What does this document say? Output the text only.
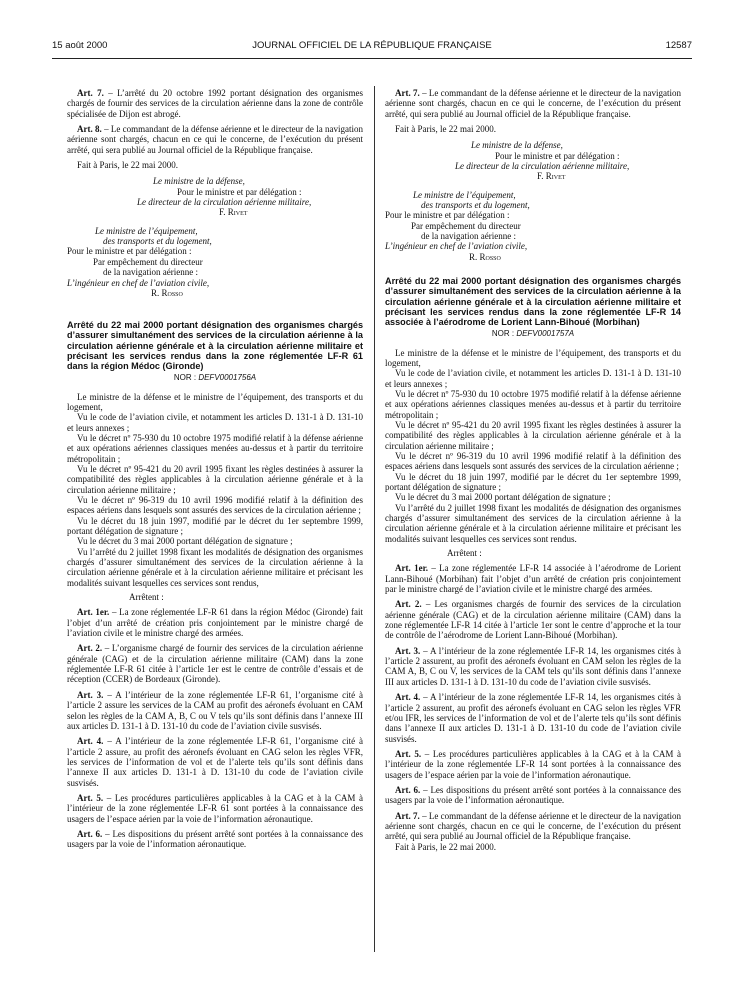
15 août 2000	JOURNAL OFFICIEL DE LA RÉPUBLIQUE FRANÇAISE	12587

Art. 7. – L’arrêté du 20 octobre 1992 portant désignation des organismes chargés de fournir des services de la circulation aérienne dans la zone de contrôle spécialisée de Dijon est abrogé.

Art. 8. – Le commandant de la défense aérienne et le directeur de la navigation aérienne sont chargés, chacun en ce qui le concerne, de l’exécution du présent arrêté, qui sera publié au Journal officiel de la République française.

Fait à Paris, le 22 mai 2000.

Le ministre de la défense,
Pour le ministre et par délégation :
Le directeur de la circulation aérienne militaire,
F. Rivet
Le ministre de l’équipement,
des transports et du logement,
Pour le ministre et par délégation :
Par empêchement du directeur
de la navigation aérienne :
L’ingénieur en chef de l’aviation civile,
R. Rosso
Arrêté du 22 mai 2000 portant désignation des organismes chargés d’assurer simultanément des services de la circulation aérienne à la circulation aérienne générale et à la circulation aérienne militaire et précisant les services rendus dans la zone réglementée LF-R 61 dans la région Médoc (Gironde)
NOR : DEFV0001756A

Le ministre de la défense et le ministre de l’équipement, des transports et du logement,

Vu le code de l’aviation civile, et notamment les articles D. 131-1 à D. 131-10 et leurs annexes ;

Vu le décret nº 75-930 du 10 octobre 1975 modifié relatif à la défense aérienne et aux opérations aériennes classiques menées au-dessus et à partir du territoire métropolitain ;

Vu le décret nº 95-421 du 20 avril 1995 fixant les règles destinées à assurer la compatibilité des règles applicables à la circulation aérienne générale et à la circulation aérienne militaire ;

Vu le décret nº 96-319 du 10 avril 1996 modifié relatif à la définition des espaces aériens dans lesquels sont assurés des services de la circulation aérienne ;

Vu le décret du 18 juin 1997, modifié par le décret du 1er septembre 1999, portant délégation de signature ;

Vu le décret du 3 mai 2000 portant délégation de signature ;

Vu l’arrêté du 2 juillet 1998 fixant les modalités de désignation des organismes chargés d’assurer simultanément des services de la circulation aérienne à la circulation aérienne générale et à la circulation aérienne militaire et précisant les modalités suivant lesquelles ces services sont rendus,

Arrêtent :

Art. 1er. – La zone réglementée LF-R 61 dans la région Médoc (Gironde) fait l’objet d’un arrêté de création pris conjointement par le ministre chargé de l’aviation civile et le ministre chargé des armées.

Art. 2. – L’organisme chargé de fournir des services de la circulation aérienne générale (CAG) et de la circulation aérienne militaire (CAM) dans la zone réglementée LF-R 61 citée à l’article 1er est le centre de contrôle d’essais et de réception (CCER) de Bordeaux (Gironde).

Art. 3. – A l’intérieur de la zone réglementée LF-R 61, l’organisme cité à l’article 2 assure les services de la CAM au profit des aéronefs évoluant en CAM selon les règles de la CAM A, B, C ou V tels qu’ils sont définis dans l’annexe III aux articles D. 131-1 à D. 131-10 du code de l’aviation civile susvisés.

Art. 4. – A l’intérieur de la zone réglementée LF-R 61, l’organisme cité à l’article 2 assure, au profit des aéronefs évoluant en CAG selon les règles VFR, les services de l’information de vol et de l’alerte tels qu’ils sont définis dans l’annexe II aux articles D. 131-1 à D. 131-10 du code de l’aviation civile susvisés.

Art. 5. – Les procédures particulières applicables à la CAG et à la CAM à l’intérieur de la zone réglementée LF-R 61 sont portées à la connaissance des usagers de l’espace aérien par la voie de l’information aéronautique.

Art. 6. – Les dispositions du présent arrêté sont portées à la connaissance des usagers par la voie de l’information aéronautique.

Art. 7. – Le commandant de la défense aérienne et le directeur de la navigation aérienne sont chargés, chacun en ce qui le concerne, de l’exécution du présent arrêté, qui sera publié au Journal officiel de la République française.

Fait à Paris, le 22 mai 2000.

Le ministre de la défense,
Pour le ministre et par délégation :
Le directeur de la circulation aérienne militaire,
F. Rivet
Le ministre de l’équipement,
des transports et du logement,
Pour le ministre et par délégation :
Par empêchement du directeur
de la navigation aérienne :
L’ingénieur en chef de l’aviation civile,
R. Rosso
Arrêté du 22 mai 2000 portant désignation des organismes chargés d’assurer simultanément des services de la circulation aérienne à la circulation aérienne générale et à la circulation aérienne militaire et précisant les services rendus dans la zone réglementée LF-R 14 associée à l’aérodrome de Lorient Lann-Bihoué (Morbihan)
NOR : DEFV0001757A

Le ministre de la défense et le ministre de l’équipement, des transports et du logement,

Vu le code de l’aviation civile, et notamment les articles D. 131-1 à D. 131-10 et leurs annexes ;

Vu le décret nº 75-930 du 10 octobre 1975 modifié relatif à la défense aérienne et aux opérations aériennes classiques menées au-dessus et à partir du territoire métropolitain ;

Vu le décret nº 95-421 du 20 avril 1995 fixant les règles destinées à assurer la compatibilité des règles applicables à la circulation aérienne générale et à la circulation aérienne militaire ;

Vu le décret nº 96-319 du 10 avril 1996 modifié relatif à la définition des espaces aériens dans lesquels sont assurés des services de la circulation aérienne ;

Vu le décret du 18 juin 1997, modifié par le décret du 1er septembre 1999, portant délégation de signature ;

Vu le décret du 3 mai 2000 portant délégation de signature ;

Vu l’arrêté du 2 juillet 1998 fixant les modalités de désignation des organismes chargés d’assurer simultanément des services de la circulation aérienne à la circulation aérienne générale et à la circulation aérienne militaire et précisant les modalités suivant lesquelles ces services sont rendus.

Arrêtent :

Art. 1er. – La zone réglementée LF-R 14 associée à l’aérodrome de Lorient Lann-Bihoué (Morbihan) fait l’objet d’un arrêté de création pris conjointement par le ministre chargé de l’aviation civile et le ministre chargé des armées.

Art. 2. – Les organismes chargés de fournir des services de la circulation aérienne générale (CAG) et de la circulation aérienne militaire (CAM) dans la zone réglementée LF-R 14 citée à l’article 1er sont le centre d’approche et la tour de contrôle de l’aérodrome de Lorient Lann-Bihoué (Morbihan).

Art. 3. – A l’intérieur de la zone réglementée LF-R 14, les organismes cités à l’article 2 assurent, au profit des aéronefs évoluant en CAM selon les règles de la CAM A, B, C ou V, les services de la CAM tels qu’ils sont définis dans l’annexe III aux articles D. 131-1 à D. 131-10 du code de l’aviation civile susvisés.

Art. 4. – A l’intérieur de la zone réglementée LF-R 14, les organismes cités à l’article 2 assurent, au profit des aéronefs évoluant en CAG selon les règles VFR et/ou IFR, les services de l’information de vol et de l’alerte tels qu’ils sont définis dans l’annexe II aux articles D. 131-1 à D. 131-10 du code de l’aviation civile susvisés.

Art. 5. – Les procédures particulières applicables à la CAG et à la CAM à l’intérieur de la zone réglementée LF-R 14 sont portées à la connaissance des usagers de l’espace aérien par la voie de l’information aéronautique.

Art. 6. – Les dispositions du présent arrêté sont portées à la connaissance des usagers par la voie de l’information aéronautique.

Art. 7. – Le commandant de la défense aérienne et le directeur de la navigation aérienne sont chargés, chacun en ce qui le concerne, de l’exécution du présent arrêté, qui sera publié au Journal officiel de la République française.

Fait à Paris, le 22 mai 2000.
